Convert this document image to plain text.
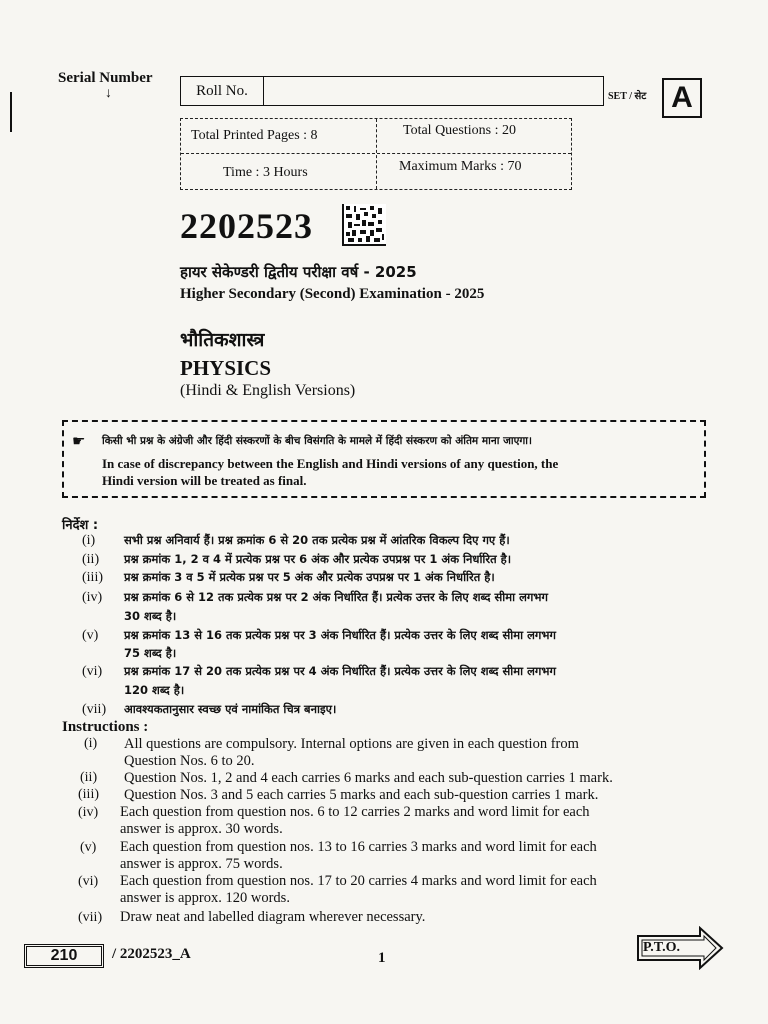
Serial Number
↓	Roll No.	SET / सेट A
Total Printed Pages : 8	Total Questions : 20
Time : 3 Hours	Maximum Marks : 70
2202523
हायर सेकेण्डरी द्वितीय परीक्षा वर्ष - 2025
Higher Secondary (Second) Examination - 2025
भौतिकशास्त्र
PHYSICS
(Hindi & English Versions)
☛ किसी भी प्रश्न के अंग्रेजी और हिंदी संस्करणों के बीच विसंगति के मामले में हिंदी संस्करण को अंतिम माना जाएगा।
In case of discrepancy between the English and Hindi versions of any question, the
Hindi version will be treated as final.
निर्देश :
(i)	सभी प्रश्न अनिवार्य हैं। प्रश्न क्रमांक 6 से 20 तक प्रत्येक प्रश्न में आंतरिक विकल्प दिए गए हैं।
(ii) प्रश्न क्रमांक 1, 2 व 4 में प्रत्येक प्रश्न पर 6 अंक और प्रत्येक उपप्रश्न पर 1 अंक निर्धारित है।
(iii) प्रश्न क्रमांक 3 व 5 में प्रत्येक प्रश्न पर 5 अंक और प्रत्येक उपप्रश्न पर 1 अंक निर्धारित है।
(iv) प्रश्न क्रमांक 6 से 12 तक प्रत्येक प्रश्न पर 2 अंक निर्धारित हैं। प्रत्येक उत्तर के लिए शब्द सीमा लगभग
30 शब्द है।
(v) प्रश्न क्रमांक 13 से 16 तक प्रत्येक प्रश्न पर 3 अंक निर्धारित हैं। प्रत्येक उत्तर के लिए शब्द सीमा लगभग
75 शब्द है।
(vi) प्रश्न क्रमांक 17 से 20 तक प्रत्येक प्रश्न पर 4 अंक निर्धारित हैं। प्रत्येक उत्तर के लिए शब्द सीमा लगभग
120 शब्द है।
(vii) आवश्यकतानुसार स्वच्छ एवं नामांकित चित्र बनाइए।
Instructions :
(i) All questions are compulsory. Internal options are given in each question from
Question Nos. 6 to 20.
(ii) Question Nos. 1, 2 and 4 each carries 6 marks and each sub-question carries 1 mark.
(iii) Question Nos. 3 and 5 each carries 5 marks and each sub-question carries 1 mark.
(iv) Each question from question nos. 6 to 12 carries 2 marks and word limit for each
answer is approx. 30 words.
(v) Each question from question nos. 13 to 16 carries 3 marks and word limit for each
answer is approx. 75 words.
(vi) Each question from question nos. 17 to 20 carries 4 marks and word limit for each
answer is approx. 120 words.
(vii) Draw neat and labelled diagram wherever necessary.
210	/ 2202523_A	1
P.T.O.
